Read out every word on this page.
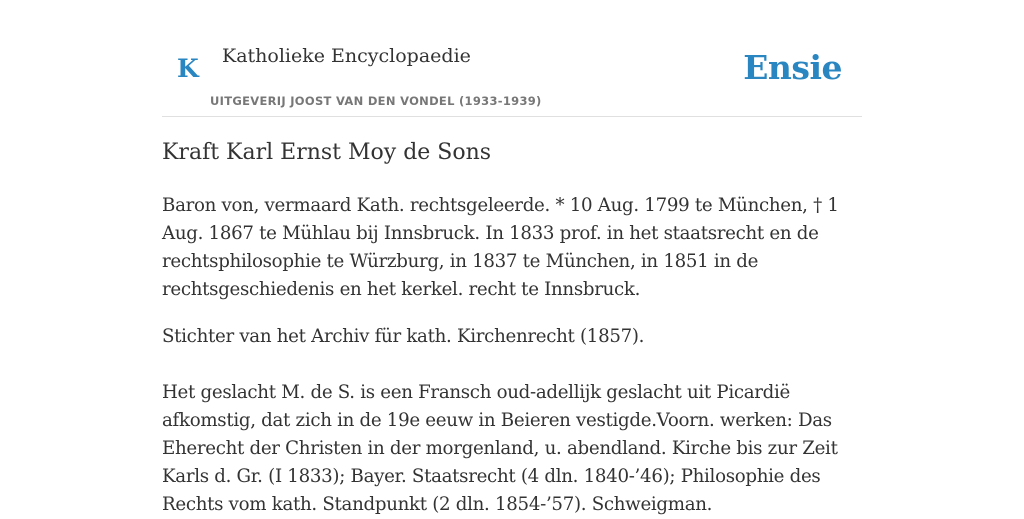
K Katholieke Encyclopaedie
UITGEVERIJ JOOST VAN DEN VONDEL (1933-1939)
Ensie
Kraft Karl Ernst Moy de Sons

Baron von, vermaard Kath. rechtsgeleerde. * 10 Aug. 1799 te München, † 1 Aug. 1867 te Mühlau bij Innsbruck. In 1833 prof. in het staatsrecht en de rechtsphilosophie te Würzburg, in 1837 te München, in 1851 in de rechtsgeschiedenis en het kerkel. recht te Innsbruck.

Stichter van het Archiv für kath. Kirchenrecht (1857).

Het geslacht M. de S. is een Fransch oud-adellijk geslacht uit Picardië afkomstig, dat zich in de 19e eeuw in Beieren vestigde.Voorn. werken: Das Eherecht der Christen in der morgenland, u. abendland. Kirche bis zur Zeit Karls d. Gr. (I 1833); Bayer. Staatsrecht (4 dln. 1840-’46); Philosophie des Rechts vom kath. Standpunkt (2 dln. 1854-’57). Schweigman.
